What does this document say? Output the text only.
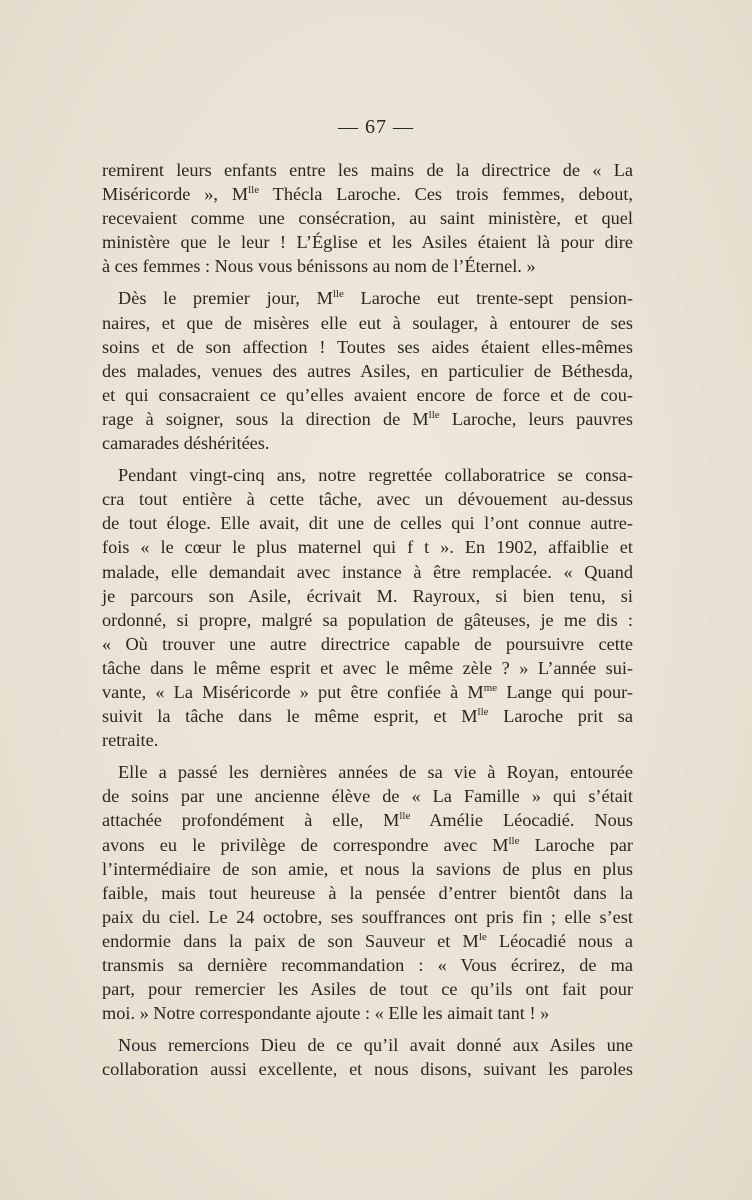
— 67 —
remirent leurs enfants entre les mains de la directrice de « La
Miséricorde », $M^{lle}$ Thécla Laroche. Ces trois femmes, debout,
recevaient comme une consécration, au saint ministère, et quel
ministère que le leur ! L’Église et les Asiles étaient là pour dire
à ces femmes : Nous vous bénissons au nom de l’Éternel. »
Dès le premier jour, $M^{lle}$ Laroche eut trente-sept pension-
naires, et que de misères elle eut à soulager, à entourer de ses
soins et de son affection ! Toutes ses aides étaient elles-mêmes
des malades, venues des autres Asiles, en particulier de Béthesda,
et qui consacraient ce qu’elles avaient encore de force et de cou-
rage à soigner, sous la direction de $M^{lle}$ Laroche, leurs pauvres
camarades déshéritées.
Pendant vingt-cinq ans, notre regrettée collaboratrice se consa-
cra tout entière à cette tâche, avec un dévouement au-dessus
de tout éloge. Elle avait, dit une de celles qui l’ont connue autre-
fois « le cœur le plus maternel qui f t ». En 1902, affaiblie et
malade, elle demandait avec instance à être remplacée. « Quand
je parcours son Asile, écrivait M. Rayroux, si bien tenu, si
ordonné, si propre, malgré sa population de gâteuses, je me dis :
« Où trouver une autre directrice capable de poursuivre cette
tâche dans le même esprit et avec le même zèle ? » L’année sui-
vante, « La Miséricorde » put être confiée à $M^{me}$ Lange qui pour-
suivit la tâche dans le même esprit, et $M^{lle}$ Laroche prit sa
retraite.
Elle a passé les dernières années de sa vie à Royan, entourée
de soins par une ancienne élève de « La Famille » qui s’était
attachée profondément à elle, $M^{lle}$ Amélie Léocadié. Nous
avons eu le privilège de correspondre avec $M^{lle}$ Laroche par
l’intermédiaire de son amie, et nous la savions de plus en plus
faible, mais tout heureuse à la pensée d’entrer bientôt dans la
paix du ciel. Le 24 octobre, ses souffrances ont pris fin ; elle s’est
endormie dans la paix de son Sauveur et $M^{le}$ Léocadié nous a
transmis sa dernière recommandation : « Vous écrirez, de ma
part, pour remercier les Asiles de tout ce qu’ils ont fait pour
moi. » Notre correspondante ajoute : « Elle les aimait tant ! »
Nous remercions Dieu de ce qu’il avait donné aux Asiles une
collaboration aussi excellente, et nous disons, suivant les paroles
